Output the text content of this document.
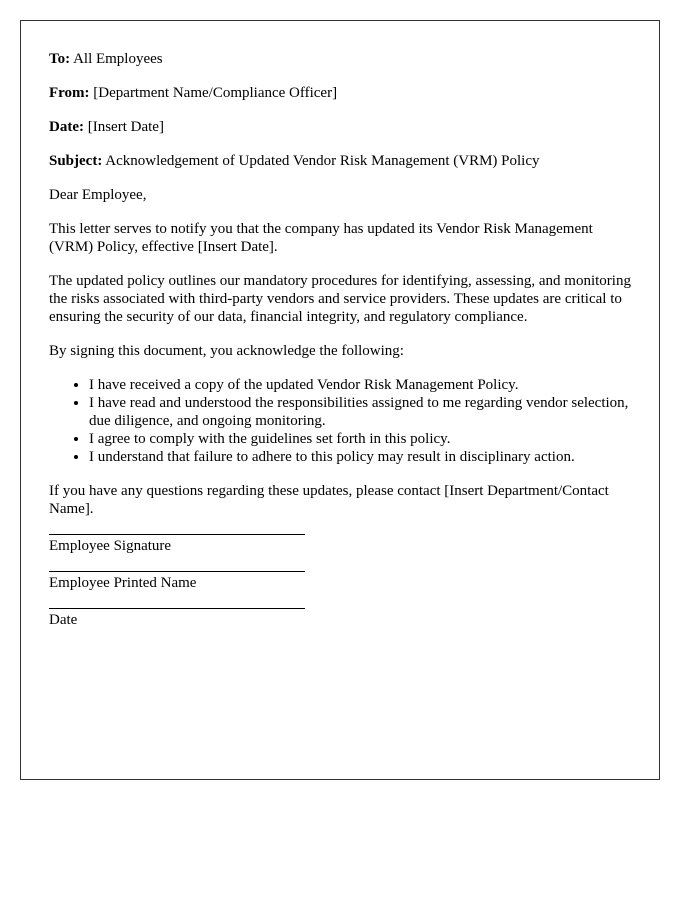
To: All Employees
From: [Department Name/Compliance Officer]
Date: [Insert Date]
Subject: Acknowledgement of Updated Vendor Risk Management (VRM) Policy

Dear Employee,

This letter serves to notify you that the company has updated its Vendor Risk Management (VRM) Policy, effective [Insert Date].

The updated policy outlines our mandatory procedures for identifying, assessing, and monitoring the risks associated with third-party vendors and service providers. These updates are critical to ensuring the security of our data, financial integrity, and regulatory compliance.

By signing this document, you acknowledge the following:

• I have received a copy of the updated Vendor Risk Management Policy.
• I have read and understood the responsibilities assigned to me regarding vendor selection, due diligence, and ongoing monitoring.
• I agree to comply with the guidelines set forth in this policy.
• I understand that failure to adhere to this policy may result in disciplinary action.

If you have any questions regarding these updates, please contact [Insert Department/Contact Name].

Employee Signature
Employee Printed Name
Date
